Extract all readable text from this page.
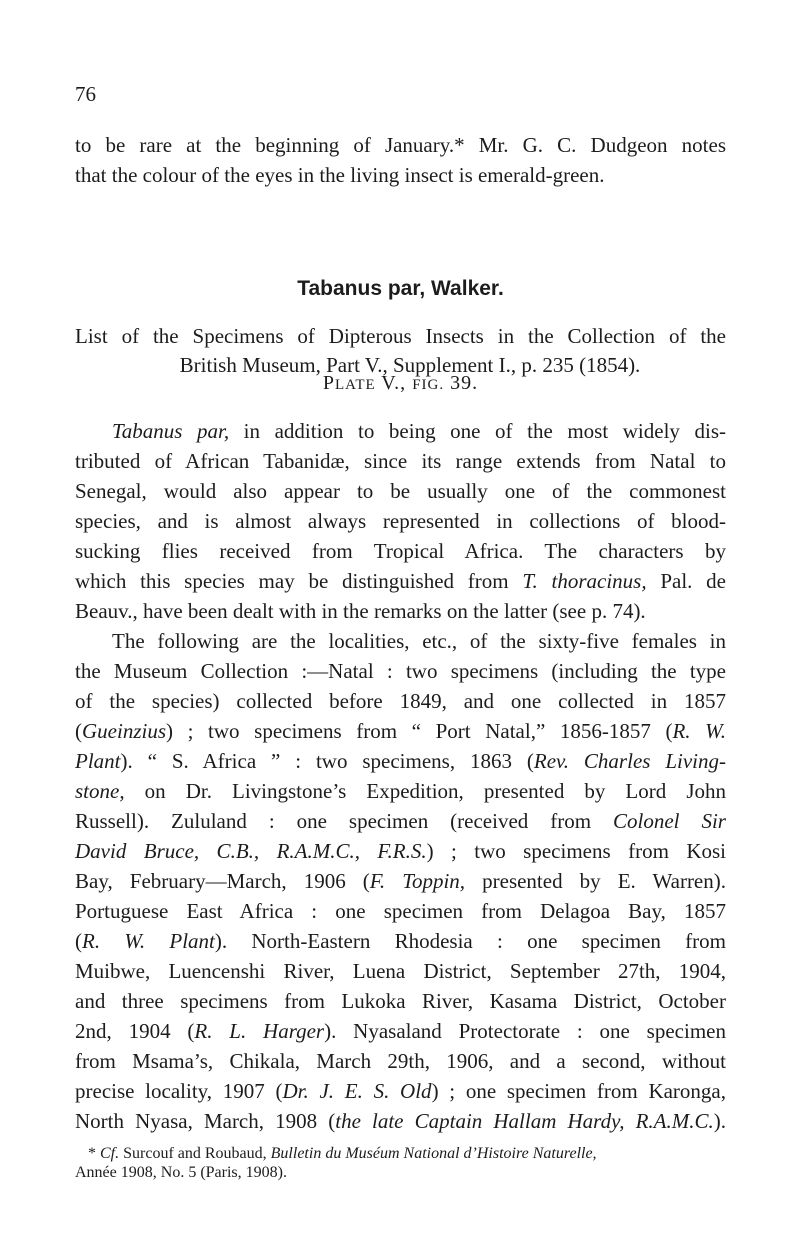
76
to be rare at the beginning of January.* Mr. G. C. Dudgeon notes
that the colour of the eyes in the living insect is emerald-green.
Tabanus par, Walker.
List of the Specimens of Dipterous Insects in the Collection of the
British Museum, Part V., Supplement I., p. 235 (1854).
PLATE V., FIG. 39.
Tabanus par, in addition to being one of the most widely dis-
tributed of African Tabanidæ, since its range extends from Natal to
Senegal, would also appear to be usually one of the commonest
species, and is almost always represented in collections of blood-
sucking flies received from Tropical Africa. The characters by
which this species may be distinguished from T. thoracinus, Pal. de
Beauv., have been dealt with in the remarks on the latter (see p. 74).
The following are the localities, etc., of the sixty-five females in
the Museum Collection :—Natal : two specimens (including the type
of the species) collected before 1849, and one collected in 1857
(Gueinzius) ; two specimens from “ Port Natal,” 1856-1857 (R. W.
Plant). “ S. Africa ” : two specimens, 1863 (Rev. Charles Living-
stone, on Dr. Livingstone’s Expedition, presented by Lord John
Russell). Zululand : one specimen (received from Colonel Sir
David Bruce, C.B., R.A.M.C., F.R.S.) ; two specimens from Kosi
Bay, February—March, 1906 (F. Toppin, presented by E. Warren).
Portuguese East Africa : one specimen from Delagoa Bay, 1857
(R. W. Plant). North-Eastern Rhodesia : one specimen from
Muibwe, Luencenshi River, Luena District, September 27th, 1904,
and three specimens from Lukoka River, Kasama District, October
2nd, 1904 (R. L. Harger). Nyasaland Protectorate : one specimen
from Msama’s, Chikala, March 29th, 1906, and a second, without
precise locality, 1907 (Dr. J. E. S. Old) ; one specimen from Karonga,
North Nyasa, March, 1908 (the late Captain Hallam Hardy, R.A.M.C.).
* Cf. Surcouf and Roubaud, Bulletin du Muséum National d’Histoire Naturelle,
Année 1908, No. 5 (Paris, 1908).
